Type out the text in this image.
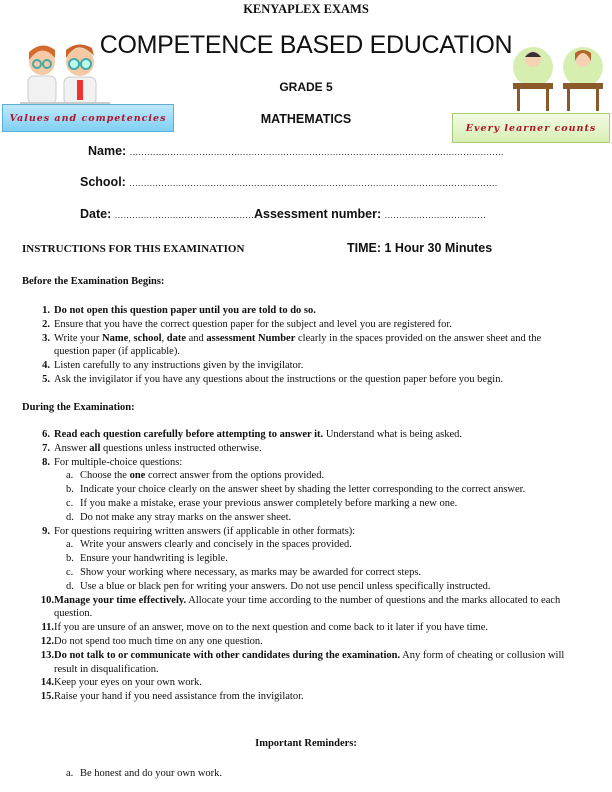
KENYAPLEX EXAMS
COMPETENCE BASED EDUCATION
GRADE 5
MATHEMATICS
Values and competencies
Every learner counts
Name: .................................................................................................................................
School: ...............................................................................................................................
Date: ................................................Assessment number: ...................................
INSTRUCTIONS FOR THIS EXAMINATION	TIME: 1 Hour 30 Minutes
Before the Examination Begins:
1. Do not open this question paper until you are told to do so.
2. Ensure that you have the correct question paper for the subject and level you are registered for.
3. Write your Name, school, date and assessment Number clearly in the spaces provided on the answer sheet and the question paper (if applicable).
4. Listen carefully to any instructions given by the invigilator.
5. Ask the invigilator if you have any questions about the instructions or the question paper before you begin.
During the Examination:
6. Read each question carefully before attempting to answer it. Understand what is being asked.
7. Answer all questions unless instructed otherwise.
8. For multiple-choice questions:
a. Choose the one correct answer from the options provided.
b. Indicate your choice clearly on the answer sheet by shading the letter corresponding to the correct answer.
c. If you make a mistake, erase your previous answer completely before marking a new one.
d. Do not make any stray marks on the answer sheet.
9. For questions requiring written answers (if applicable in other formats):
a. Write your answers clearly and concisely in the spaces provided.
b. Ensure your handwriting is legible.
c. Show your working where necessary, as marks may be awarded for correct steps.
d. Use a blue or black pen for writing your answers. Do not use pencil unless specifically instructed.
10. Manage your time effectively. Allocate your time according to the number of questions and the marks allocated to each question.
11. If you are unsure of an answer, move on to the next question and come back to it later if you have time.
12. Do not spend too much time on any one question.
13. Do not talk to or communicate with other candidates during the examination. Any form of cheating or collusion will result in disqualification.
14. Keep your eyes on your own work.
15. Raise your hand if you need assistance from the invigilator.
Important Reminders:
a. Be honest and do your own work.
